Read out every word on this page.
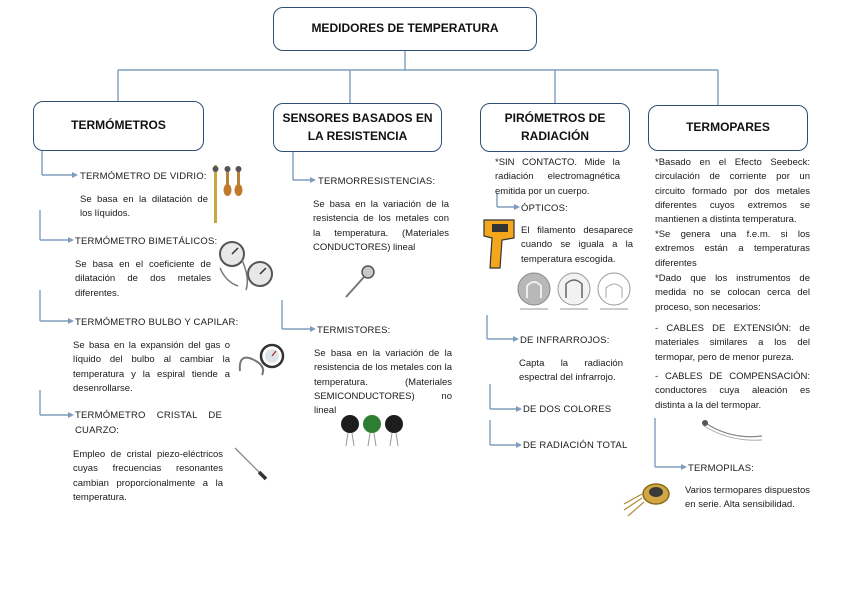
MEDIDORES DE TEMPERATURA
TERMÓMETROS
SENSORES BASADOS EN LA RESISTENCIA
PIRÓMETROS DE RADIACIÓN
TERMOPARES
TERMÓMETRO DE VIDRIO:
Se basa en la dilatación de los líquidos.
TERMÓMETRO BIMETÁLICOS:
Se basa en el coeficiente de dilatación de dos metales diferentes.
TERMÓMETRO BULBO Y CAPILAR:
Se basa en la expansión del gas o líquido del bulbo al cambiar la temperatura y la espiral tiende a desenrollarse.
TERMÓMETRO CRISTAL DE CUARZO:
Empleo de cristal piezo-eléctricos cuyas frecuencias resonantes cambian proporcionalmente a la temperatura.
TERMORRESISTENCIAS:
Se basa en la variación de la resistencia de los metales con la temperatura. (Materiales CONDUCTORES) lineal
TERMISTORES:
Se basa en la variación de la resistencia de los metales con la temperatura. (Materiales SEMICONDUCTORES) no lineal
*SIN CONTACTO. Mide la radiación electromagnética emitida por un cuerpo.
ÓPTICOS:
El filamento desaparece cuando se iguala a la temperatura escogida.
DE INFRARROJOS:
Capta la radiación espectral del infrarrojo.
DE DOS COLORES
DE RADIACIÓN TOTAL
*Basado en el Efecto Seebeck: circulación de corriente por un circuito formado por dos metales diferentes cuyos extremos se mantienen a distinta temperatura.
*Se genera una f.e.m. si los extremos están a temperaturas diferentes
*Dado que los instrumentos de medida no se colocan cerca del proceso, son necesarios:
- CABLES DE EXTENSIÓN: de materiales similares a los del termopar, pero de menor pureza.
- CABLES DE COMPENSACIÓN: conductores cuya aleación es distinta a la del termopar.
TERMOPILAS:
Varios termopares dispuestos en serie. Alta sensibilidad.
